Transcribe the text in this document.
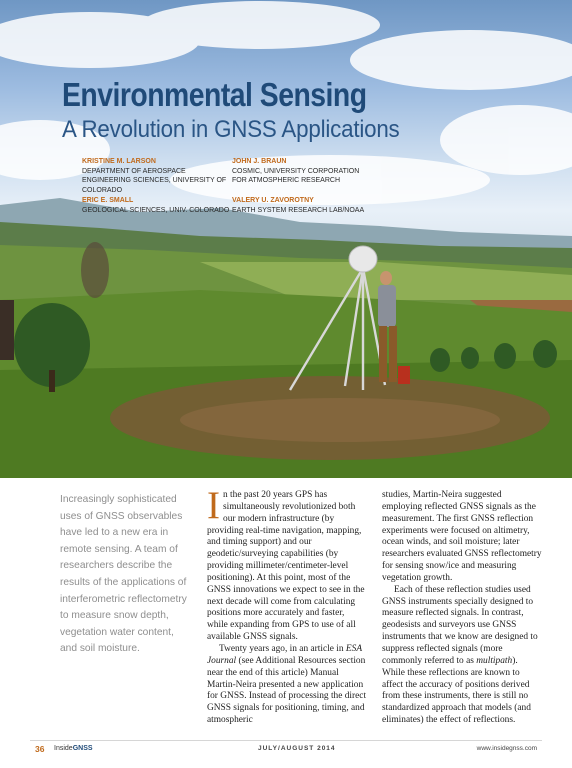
Environmental Sensing
A Revolution in GNSS Applications
KRISTINE M. LARSON
DEPARTMENT OF AEROSPACE ENGINEERING SCIENCES, UNIVERSITY OF COLORADO
JOHN J. BRAUN
COSMIC, UNIVERSITY CORPORATION FOR ATMOSPHERIC RESEARCH
ERIC E. SMALL
GEOLOGICAL SCIENCES, UNIV. COLORADO
VALERY U. ZAVOROTNY
EARTH SYSTEM RESEARCH LAB/NOAA

Increasingly sophisticated uses of GNSS observables have led to a new era in remote sensing. A team of researchers describe the results of the applications of interferometric reflectometry to measure snow depth, vegetation water content, and soil moisture.

In the past 20 years GPS has simultaneously revolutionized both our modern infrastructure (by providing real-time navigation, mapping, and timing support) and our geodetic/surveying capabilities (by providing millimeter/centimeter-level positioning). At this point, most of the GNSS innovations we expect to see in the next decade will come from calculating positions more accurately and faster, while expanding from GPS to use of all available GNSS signals.

Twenty years ago, in an article in ESA Journal (see Additional Resources section near the end of this article) Manual Martin-Neira presented a new application for GNSS. Instead of processing the direct GNSS signals for positioning, timing, and atmospheric

studies, Martin-Neira suggested employing reflected GNSS signals as the measurement. The first GNSS reflection experiments were focused on altimetry, ocean winds, and soil moisture; later researchers evaluated GNSS reflectometry for sensing snow/ice and measuring vegetation growth.

Each of these reflection studies used GNSS instruments specially designed to measure reflected signals. In contrast, geodesists and surveyors use GNSS instruments that we know are designed to suppress reflected signals (more commonly referred to as multipath). While these reflections are known to affect the accuracy of positions derived from these instruments, there is still no standardized approach that models (and eliminates) the effect of reflections.

36 InsideGNSS	JULY/AUGUST 2014	www.insidegnss.com
